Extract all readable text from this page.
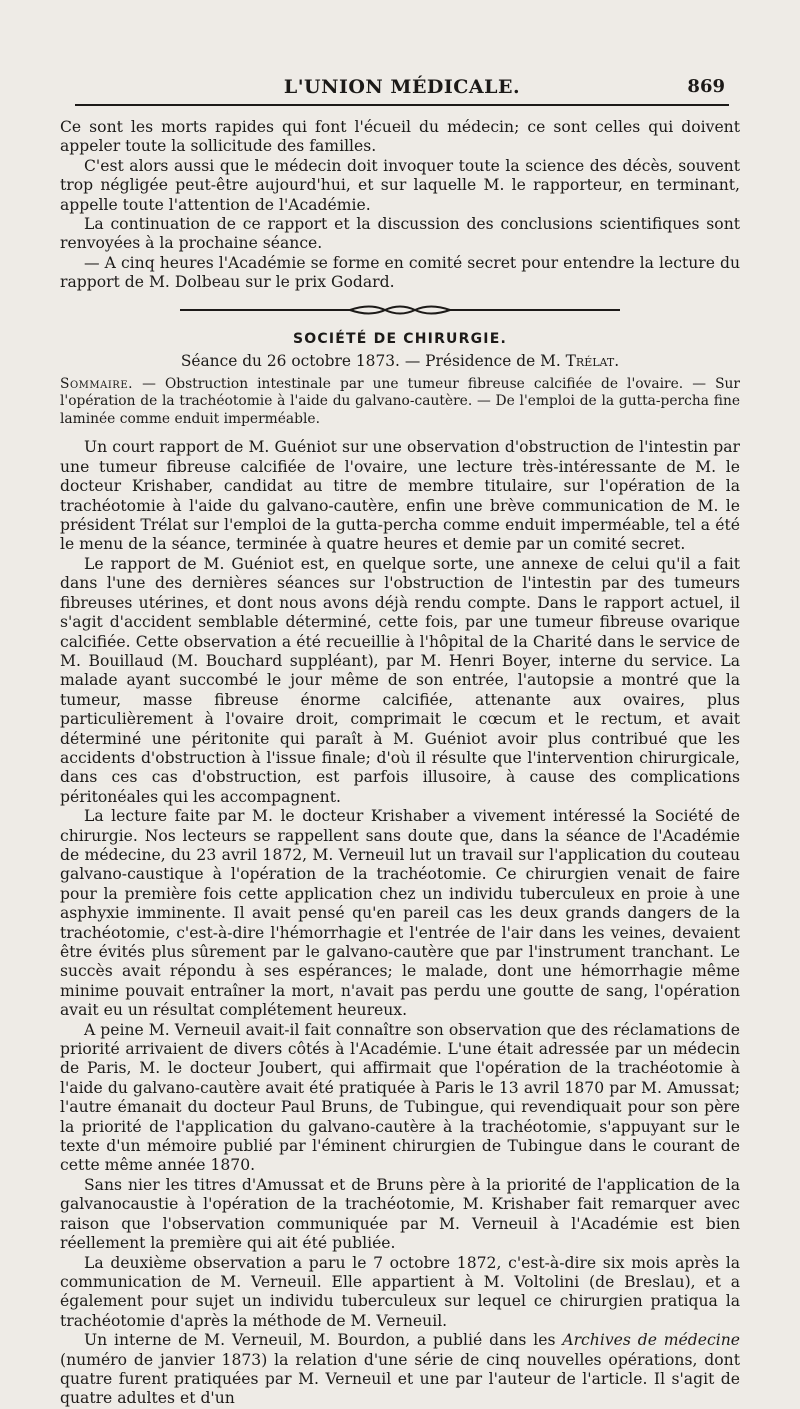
L'UNION MÉDICALE.	869

Ce sont les morts rapides qui font l'écueil du médecin; ce sont celles qui doivent appeler toute la sollicitude des familles.

C'est alors aussi que le médecin doit invoquer toute la science des décès, souvent trop négligée peut-être aujourd'hui, et sur laquelle M. le rapporteur, en terminant, appelle toute l'attention de l'Académie.

La continuation de ce rapport et la discussion des conclusions scientifiques sont renvoyées à la prochaine séance.

— A cinq heures l'Académie se forme en comité secret pour entendre la lecture du rapport de M. Dolbeau sur le prix Godard.

SOCIÉTÉ DE CHIRURGIE.
Séance du 26 octobre 1873. — Présidence de M. Trélat.
Sommaire. — Obstruction intestinale par une tumeur fibreuse calcifiée de l'ovaire. — Sur l'opération de la trachéotomie à l'aide du galvano-cautère. — De l'emploi de la gutta-percha fine laminée comme enduit imperméable.

Un court rapport de M. Guéniot sur une observation d'obstruction de l'intestin par une tumeur fibreuse calcifiée de l'ovaire, une lecture très-intéressante de M. le docteur Krishaber, candidat au titre de membre titulaire, sur l'opération de la trachéotomie à l'aide du galvano-cautère, enfin une brève communication de M. le président Trélat sur l'emploi de la gutta-percha comme enduit imperméable, tel a été le menu de la séance, terminée à quatre heures et demie par un comité secret.

Le rapport de M. Guéniot est, en quelque sorte, une annexe de celui qu'il a fait dans l'une des dernières séances sur l'obstruction de l'intestin par des tumeurs fibreuses utérines, et dont nous avons déjà rendu compte. Dans le rapport actuel, il s'agit d'accident semblable déterminé, cette fois, par une tumeur fibreuse ovarique calcifiée. Cette observation a été recueillie à l'hôpital de la Charité dans le service de M. Bouillaud (M. Bouchard suppléant), par M. Henri Boyer, interne du service. La malade ayant succombé le jour même de son entrée, l'autopsie a montré que la tumeur, masse fibreuse énorme calcifiée, attenante aux ovaires, plus particulièrement à l'ovaire droit, comprimait le cœcum et le rectum, et avait déterminé une péritonite qui paraît à M. Guéniot avoir plus contribué que les accidents d'obstruction à l'issue finale; d'où il résulte que l'intervention chirurgicale, dans ces cas d'obstruction, est parfois illusoire, à cause des complications péritonéales qui les accompagnent.

La lecture faite par M. le docteur Krishaber a vivement intéressé la Société de chirurgie. Nos lecteurs se rappellent sans doute que, dans la séance de l'Académie de médecine, du 23 avril 1872, M. Verneuil lut un travail sur l'application du couteau galvano-caustique à l'opération de la trachéotomie. Ce chirurgien venait de faire pour la première fois cette application chez un individu tuberculeux en proie à une asphyxie imminente. Il avait pensé qu'en pareil cas les deux grands dangers de la trachéotomie, c'est-à-dire l'hémorrhagie et l'entrée de l'air dans les veines, devaient être évités plus sûrement par le galvano-cautère que par l'instrument tranchant. Le succès avait répondu à ses espérances; le malade, dont une hémorrhagie même minime pouvait entraîner la mort, n'avait pas perdu une goutte de sang, l'opération avait eu un résultat complétement heureux.

A peine M. Verneuil avait-il fait connaître son observation que des réclamations de priorité arrivaient de divers côtés à l'Académie. L'une était adressée par un médecin de Paris, M. le docteur Joubert, qui affirmait que l'opération de la trachéotomie à l'aide du galvano-cautère avait été pratiquée à Paris le 13 avril 1870 par M. Amussat; l'autre émanait du docteur Paul Bruns, de Tubingue, qui revendiquait pour son père la priorité de l'application du galvano-cautère à la trachéotomie, s'appuyant sur le texte d'un mémoire publié par l'éminent chirurgien de Tubingue dans le courant de cette même année 1870.

Sans nier les titres d'Amussat et de Bruns père à la priorité de l'application de la galvanocaustie à l'opération de la trachéotomie, M. Krishaber fait remarquer avec raison que l'observation communiquée par M. Verneuil à l'Académie est bien réellement la première qui ait été publiée.

La deuxième observation a paru le 7 octobre 1872, c'est-à-dire six mois après la communication de M. Verneuil. Elle appartient à M. Voltolini (de Breslau), et a également pour sujet un individu tuberculeux sur lequel ce chirurgien pratiqua la trachéotomie d'après la méthode de M. Verneuil.

Un interne de M. Verneuil, M. Bourdon, a publié dans les Archives de médecine (numéro de janvier 1873) la relation d'une série de cinq nouvelles opérations, dont quatre furent pratiquées par M. Verneuil et une par l'auteur de l'article. Il s'agit de quatre adultes et d'un
